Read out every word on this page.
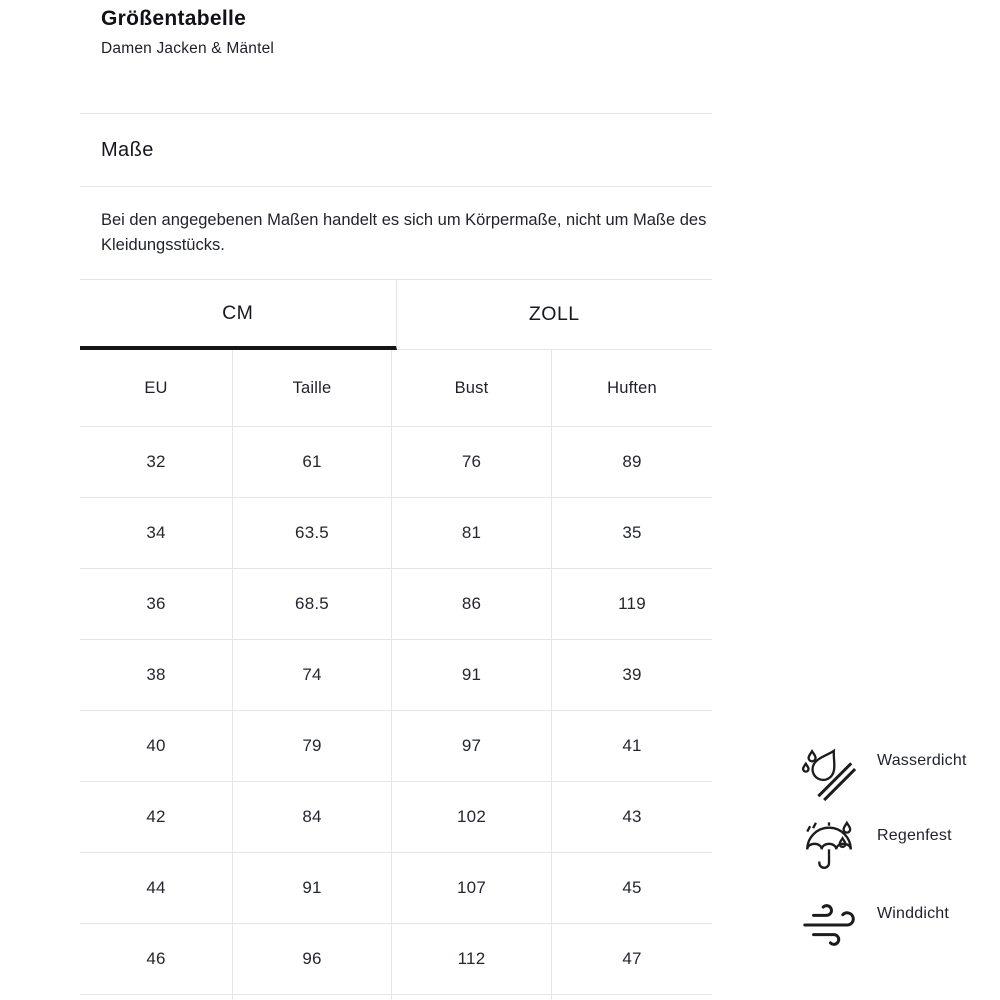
Größentabelle
Damen Jacken & Mäntel
Maße

Bei den angegebenen Maßen handelt es sich um Körpermaße, nicht um Maße des Kleidungsstücks.

CM	ZOLL
EU	Taille	Bust	Huften
32	61	76	89
34	63.5	81	35
36	68.5	86	119
38	74	91	39
40	79	97	41
42	84	102	43
44	91	107	45
46	96	112	47
Wasserdicht
Regenfest
Winddicht
